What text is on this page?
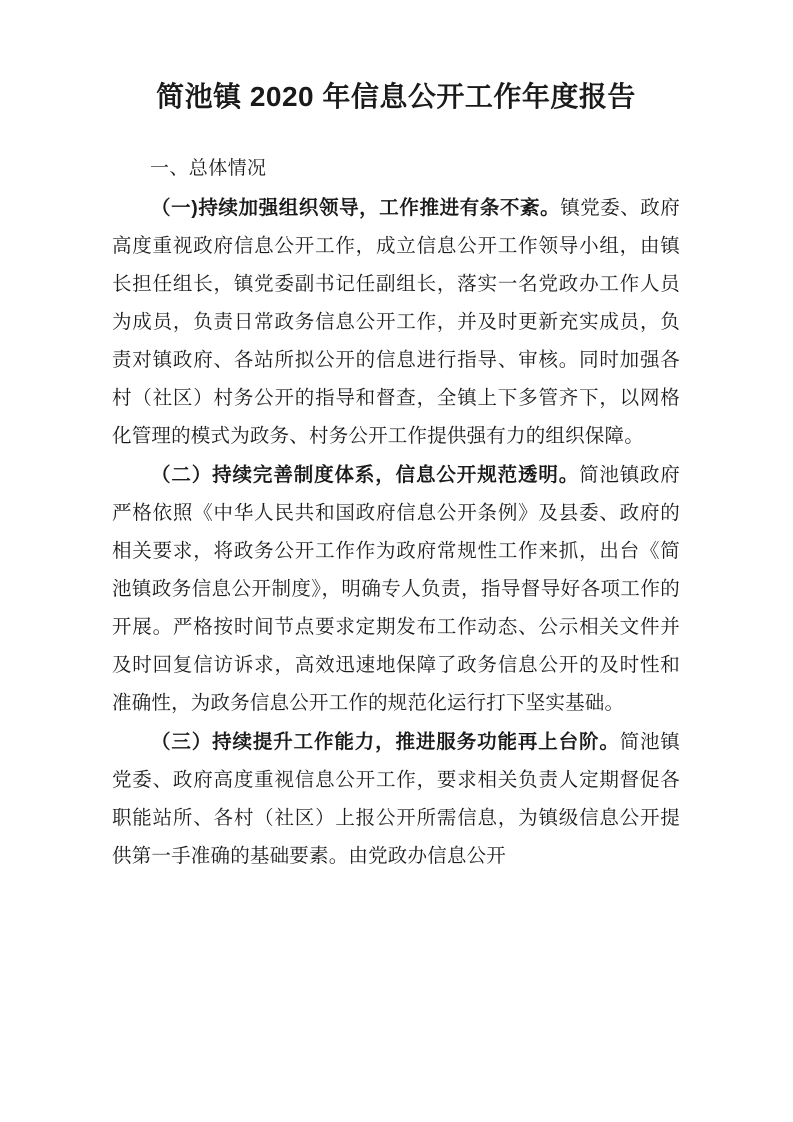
简池镇 2020 年信息公开工作年度报告
一、总体情况

（一)持续加强组织领导，工作推进有条不紊。镇党委、政府高度重视政府信息公开工作，成立信息公开工作领导小组，由镇长担任组长，镇党委副书记任副组长，落实一名党政办工作人员为成员，负责日常政务信息公开工作，并及时更新充实成员，负责对镇政府、各站所拟公开的信息进行指导、审核。同时加强各村（社区）村务公开的指导和督查，全镇上下多管齐下，以网格化管理的模式为政务、村务公开工作提供强有力的组织保障。

（二）持续完善制度体系，信息公开规范透明。简池镇政府严格依照《中华人民共和国政府信息公开条例》及县委、政府的相关要求，将政务公开工作作为政府常规性工作来抓，出台《简池镇政务信息公开制度》，明确专人负责，指导督导好各项工作的开展。严格按时间节点要求定期发布工作动态、公示相关文件并及时回复信访诉求，高效迅速地保障了政务信息公开的及时性和准确性，为政务信息公开工作的规范化运行打下坚实基础。

（三）持续提升工作能力，推进服务功能再上台阶。简池镇党委、政府高度重视信息公开工作，要求相关负责人定期督促各职能站所、各村（社区）上报公开所需信息，为镇级信息公开提供第一手准确的基础要素。由党政办信息公开
